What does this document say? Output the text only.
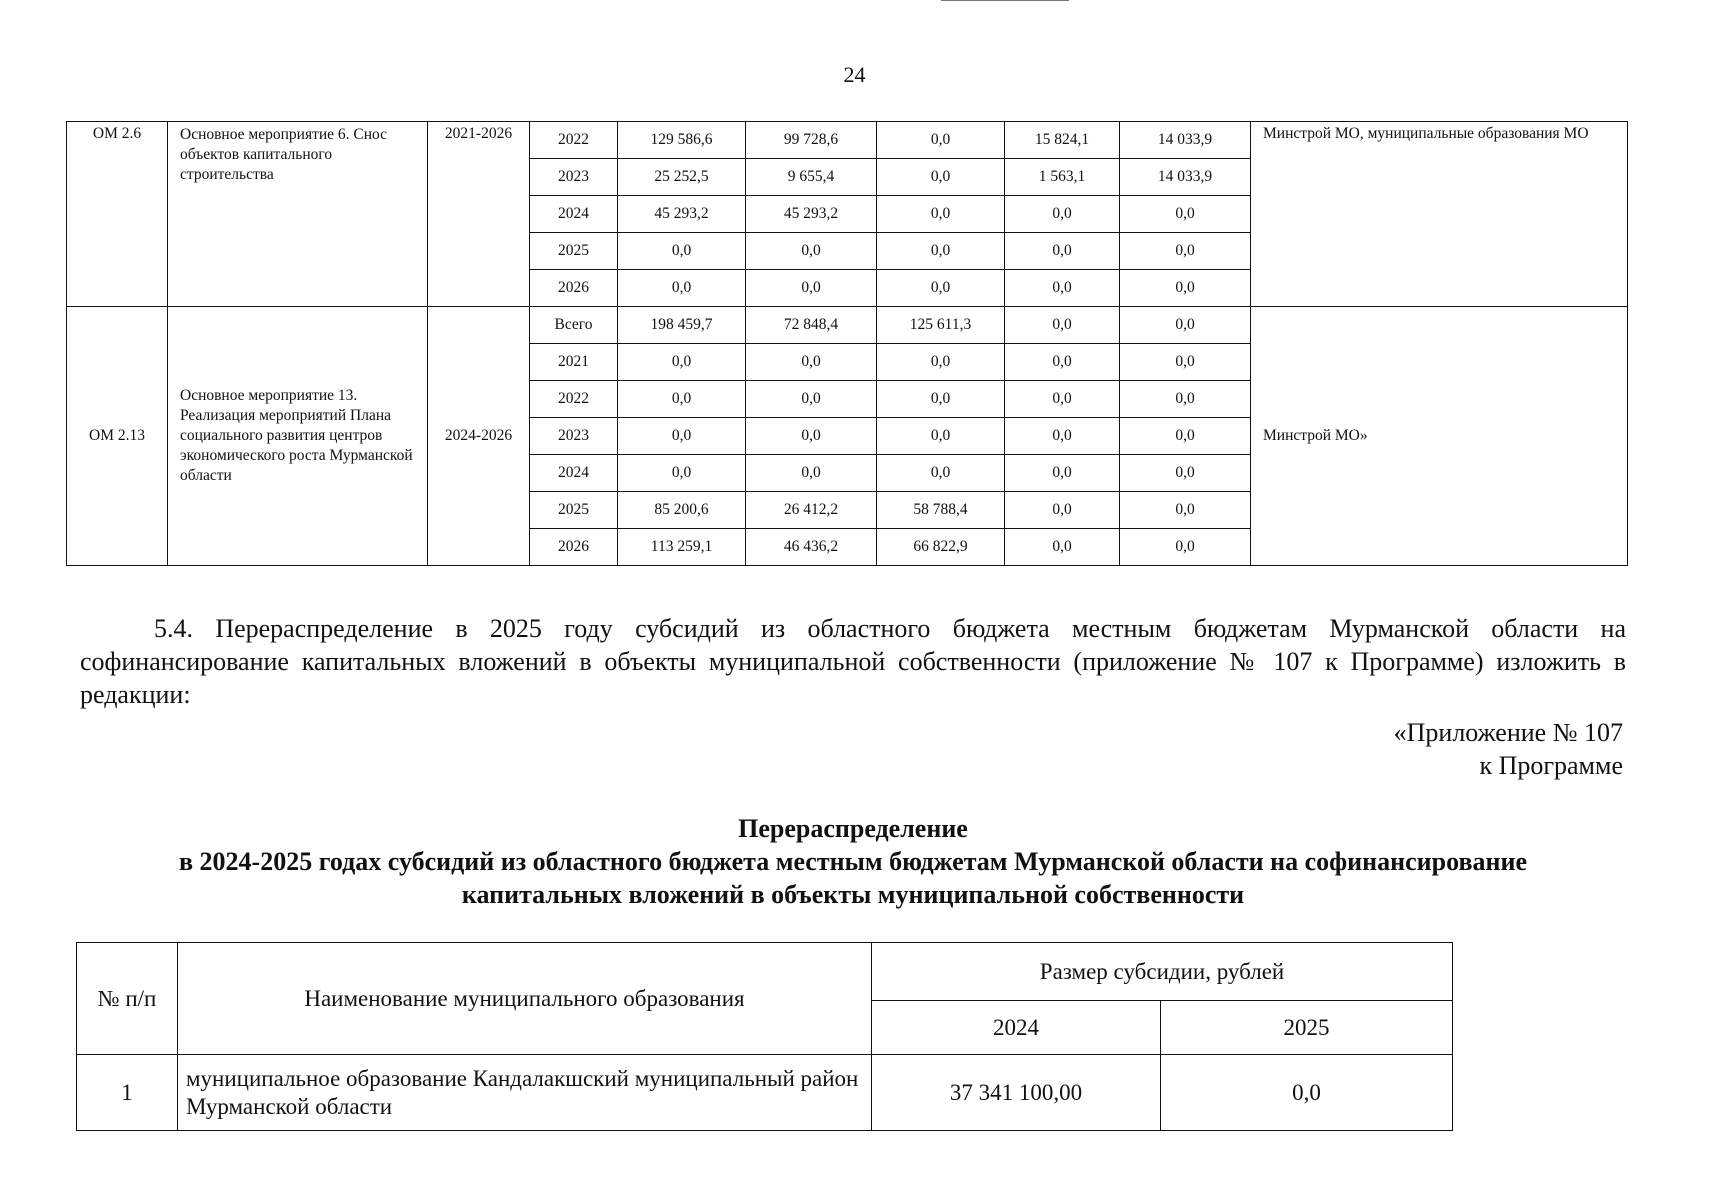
24
ОМ 2.6	Основное мероприятие 6. Снос объектов капитального строительства	2021-2026	2022	129 586,6	99 728,6	0,0	15 824,1	14 033,9	Минстрой МО, муниципальные образования МО
			2023	25 252,5	9 655,4	0,0	1 563,1	14 033,9	
			2024	45 293,2	45 293,2	0,0	0,0	0,0	
			2025	0,0	0,0	0,0	0,0	0,0	
			2026	0,0	0,0	0,0	0,0	0,0	
ОМ 2.13	Основное мероприятие 13. Реализация мероприятий Плана социального развития центров экономического роста Мурманской области	2024-2026	Всего	198 459,7	72 848,4	125 611,3	0,0	0,0	Минстрой МО»
			2021	0,0	0,0	0,0	0,0	0,0	
			2022	0,0	0,0	0,0	0,0	0,0	
			2023	0,0	0,0	0,0	0,0	0,0	
			2024	0,0	0,0	0,0	0,0	0,0	
			2025	85 200,6	26 412,2	58 788,4	0,0	0,0	
			2026	113 259,1	46 436,2	66 822,9	0,0	0,0	
5.4. Перераспределение в 2025 году субсидий из областного бюджета местным бюджетам Мурманской области на софинансирование капитальных вложений в объекты муниципальной собственности (приложение № 107 к Программе) изложить в редакции:
«Приложение № 107
к Программе
Перераспределение
в 2024-2025 годах субсидий из областного бюджета местным бюджетам Мурманской области на софинансирование
капитальных вложений в объекты муниципальной собственности
№ п/п	Наименование муниципального образования	Размер субсидии, рублей	
		2024	2025
1	муниципальное образование Кандалакшский муниципальный район Мурманской области	37 341 100,00	0,0
